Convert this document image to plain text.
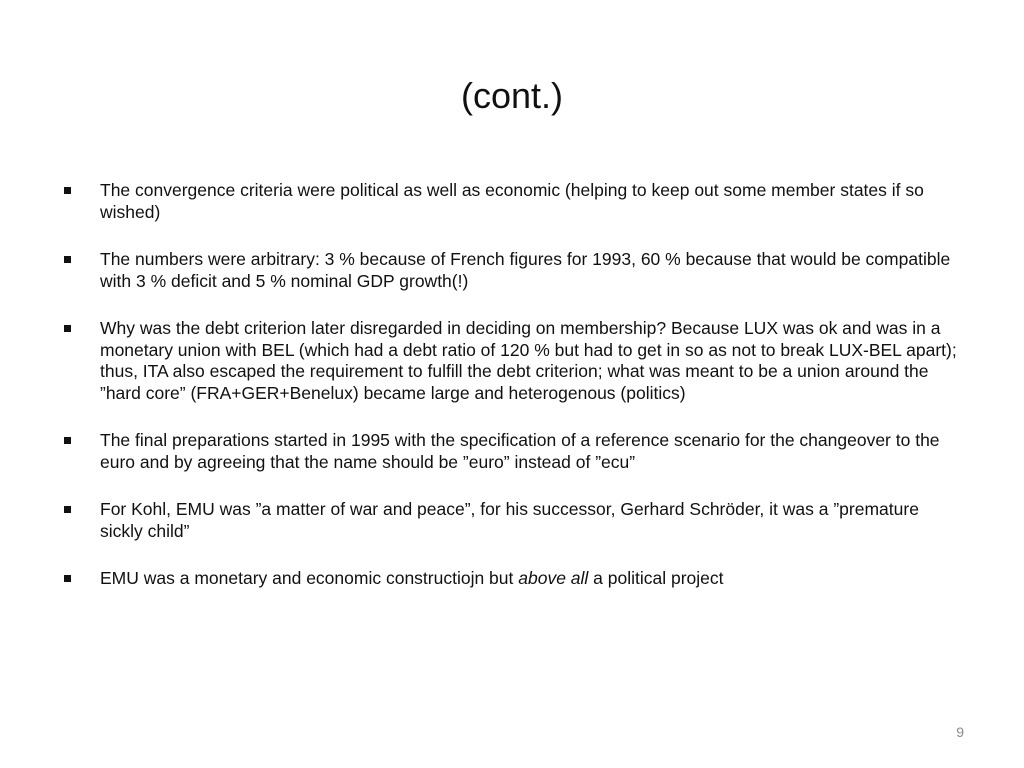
(cont.)
The convergence criteria were political as well as economic (helping to keep out some member states if so wished)
The numbers were arbitrary: 3 % because of French figures for 1993, 60 % because that would be compatible with 3 % deficit and 5 % nominal GDP growth(!)
Why was the debt criterion later disregarded in deciding on membership? Because LUX was ok and was in a monetary union with BEL (which had a debt ratio of 120 % but had to get in so as not to break LUX-BEL apart); thus, ITA also escaped the requirement to fulfill the debt criterion; what was meant to be a union around the ”hard core” (FRA+GER+Benelux) became large and heterogenous (politics)
The final preparations started in 1995 with the specification of a reference scenario for the changeover to the euro and by agreeing that the name should be ”euro” instead of ”ecu”
For Kohl, EMU was ”a matter of war and peace”, for his successor, Gerhard Schröder, it was a ”premature sickly child”
EMU was a monetary and economic constructiojn but above all a political project
9
